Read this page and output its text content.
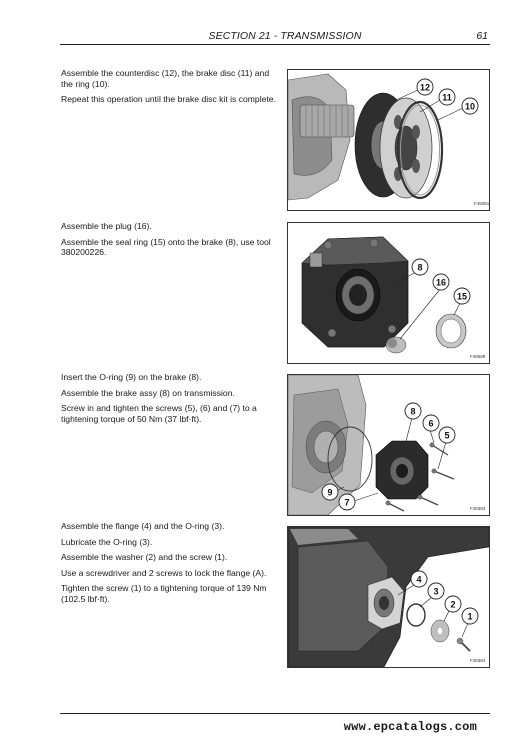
SECTION 21 - TRANSMISSION	61

Assemble the counterdisc (12), the brake disc (11) and the ring (10).

Repeat this operation until the brake disc kit is complete.

12
11
10
F48381

Assemble the plug (16).

Assemble the seal ring (15) onto the brake (8), use tool 380200226.

8
16
15
F48588

Insert the O-ring (9) on the brake (8).

Assemble the brake assy (8) on transmission.

Screw in and tighten the screws (5), (6) and (7) to a tightening torque of 50 Nm (37 lbf·ft).

8
6
5
9
7
F48383

Assemble the flange (4) and the O-ring (3).

Lubricate the O-ring (3).

Assemble the washer (2) and the screw (1).

Use a screwdriver and 2 screws to lock the flange (A).

Tighten the screw (1) to a tightening torque of 139 Nm (102.5 lbf·ft).

4
3
2
1
F48384
www.epcatalogs.com
